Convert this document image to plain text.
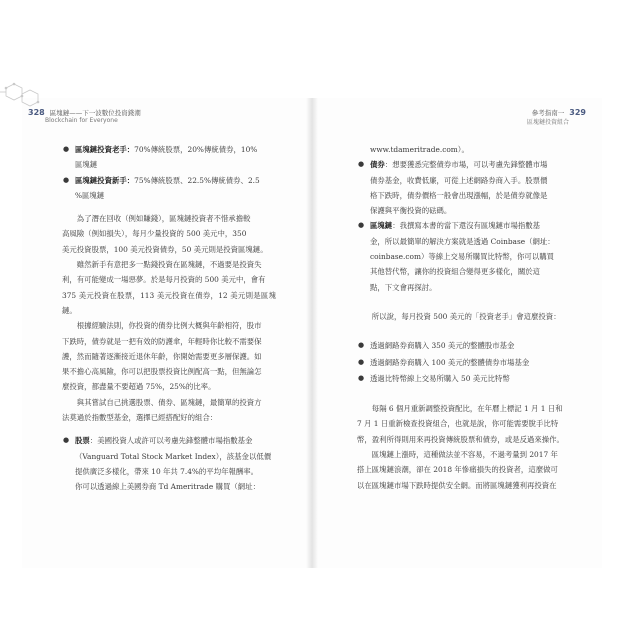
328 區塊鏈——下一波數位投資錢潮
Blockchain for Everyone
參考指南一 329
區塊鏈投資組合
● 區塊鏈投資老手：70%傳統股票，20%傳統債券，10%
區塊鏈
● 區塊鏈投資新手：75%傳統股票、22.5%傳統債券、2.5
%區塊鏈
為了潛在回收（例如賺錢），區塊鏈投資者不惜承擔較
高風險（例如損失），每月少量投資的 500 美元中，350
美元投資股票，100 美元投資債券，50 美元則是投資區塊鏈。
雖然新手有意把多一點錢投資在區塊鏈，不過要是投資失
利，有可能變成一場惡夢。於是每月投資的 500 美元中，會有
375 美元投資在股票，113 美元投資在債券，12 美元則是區塊鏈。
根據經驗法則，你投資的債券比例大概與年齡相符，股市
下跌時，債券就是一把有效的防護傘，年輕時你比較不需要保
護，然而隨著逐漸接近退休年齡，你開始需要更多層保護。如
果不擔心高風險，你可以把股票投資比例配高一點，但無論怎
麼投資，都盡量不要超過 75%，25%的比率。
與其嘗試自己挑選股票、債券、區塊鏈，最簡單的投資方
法莫過於指數型基金，選擇已經搭配好的組合：
● 股票：美國投資人或許可以考慮先鋒整體市場指數基金
（Vanguard Total Stock Market Index），該基金以低價
提供廣泛多樣化，帶來 10 年共 7.4%的平均年報酬率。
你可以透過線上美國券商 Td Ameritrade 購買（網址：
www.tdameritrade.com）。
● 債券：想要獲悉完整債券市場，可以考慮先鋒整體市場
債券基金，收費低廉，可從上述網路券商入手。股票價
格下跌時，債券價格一般會出現漲幅，於是債券就像是
保護與平衡投資的砝碼。
● 區塊鏈：我撰寫本書的當下還沒有區塊鏈市場指數基
金，所以最簡單的解決方案就是透過 Coinbase（網址：
coinbase.com）等線上交易所購買比特幣，你可以購買
其他替代幣，讓你的投資組合變得更多樣化，關於這
點，下文會再探討。
所以說，每月投資 500 美元的「投資老手」會這麼投資：
● 透過網路券商購入 350 美元的整體股市基金
● 透過網路券商購入 100 美元的整體債券市場基金
● 透過比特幣線上交易所購入 50 美元比特幣
每隔 6 個月重新調整投資配比，在年曆上標記 1 月 1 日和
7 月 1 日重新檢查投資組合，也就是說，你可能需要脫手比特
幣，盈利所得則用來再投資傳統股票和債券，或是反過來操作。
區塊鏈上漲時，這種做法並不容易，不過考量到 2017 年
搭上區塊鏈浪潮，卻在 2018 年慘痛損失的投資者，這麼做可
以在區塊鏈市場下跌時提供安全網。而將區塊鏈獲利再投資在
